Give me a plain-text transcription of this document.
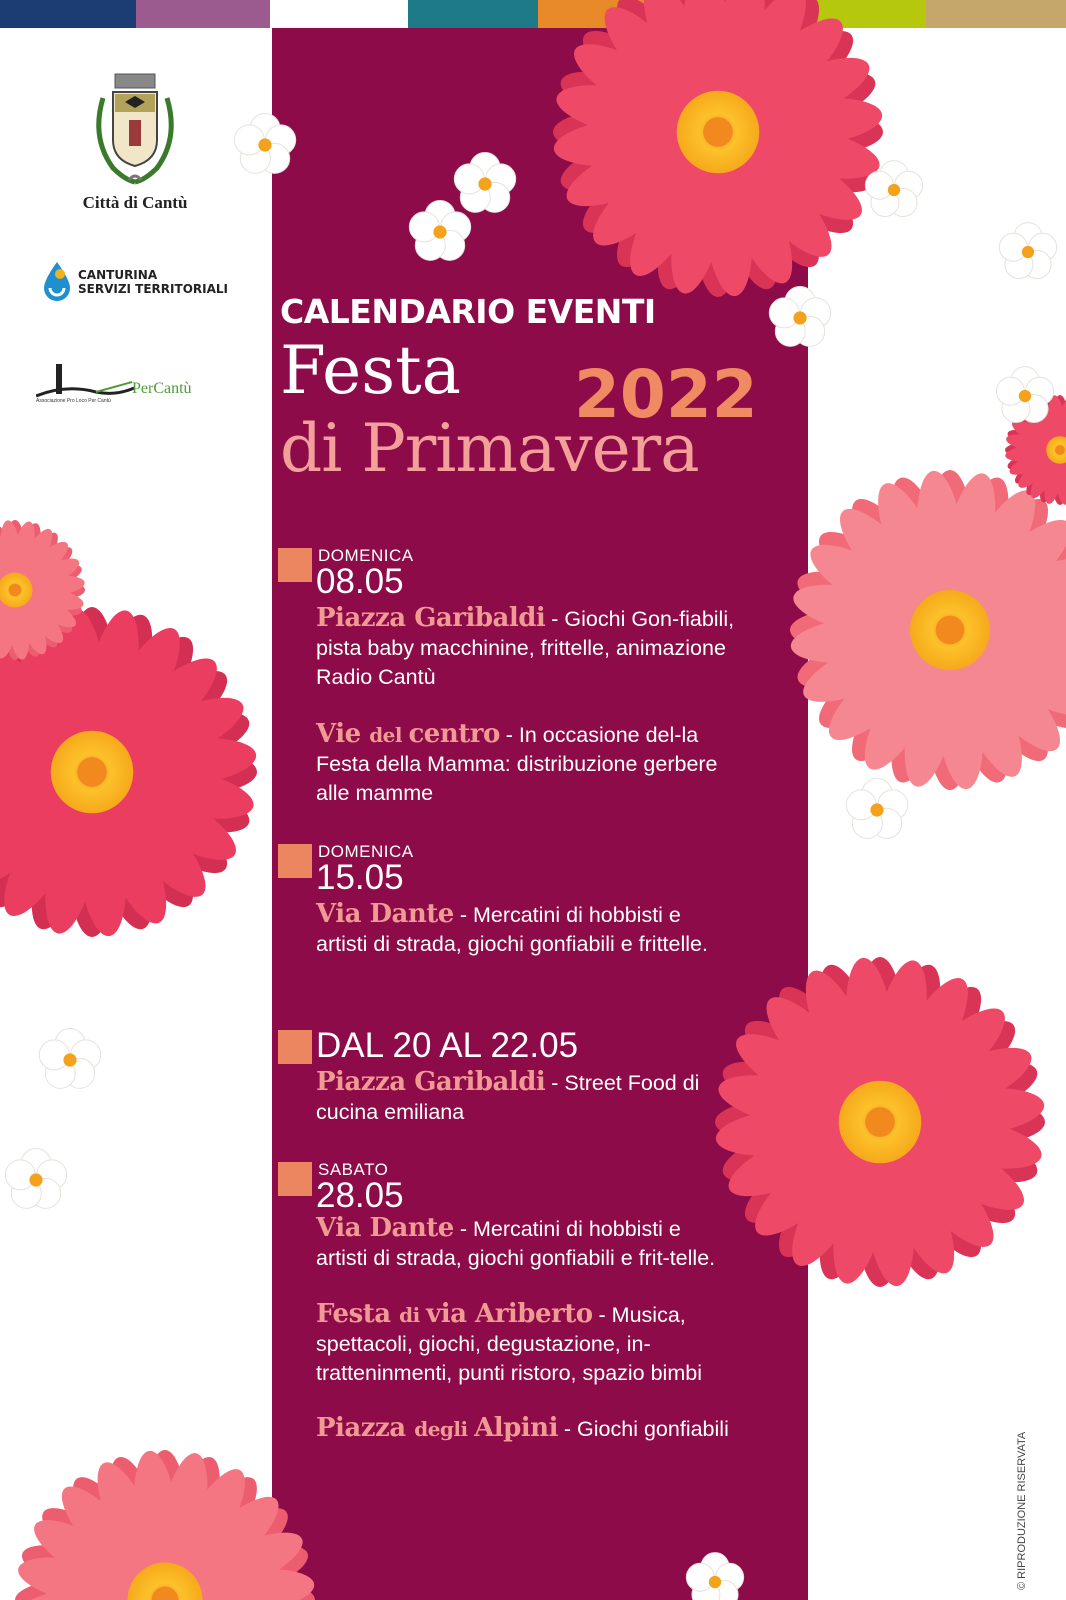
Città di Cantù
CANTURINA
SERVIZI TERRITORIALI
PerCantù
Associazione Pro Loco Per Cantù
CALENDARIO EVENTI
Festa
di Primavera
2022
DOMENICA
08.05
Piazza Garibaldi - Giochi Gon-fiabili, pista baby macchinine, frittelle, animazione Radio Cantù
Vie del centro - In occasione del-la Festa della Mamma: distribuzione gerbere alle mamme
DOMENICA
15.05
Via Dante - Mercatini di hobbisti e artisti di strada, giochi gonfiabili e frittelle.
DAL 20 AL 22.05
Piazza Garibaldi - Street Food di cucina emiliana
SABATO
28.05
Via Dante - Mercatini di hobbisti e artisti di strada, giochi gonfiabili e frit-telle.
Festa di via Ariberto - Musica, spettacoli, giochi, degustazione, in-tratteninmenti, punti ristoro, spazio bimbi
Piazza degli Alpini - Giochi gonfiabili
© RIPRODUZIONE RISERVATA
